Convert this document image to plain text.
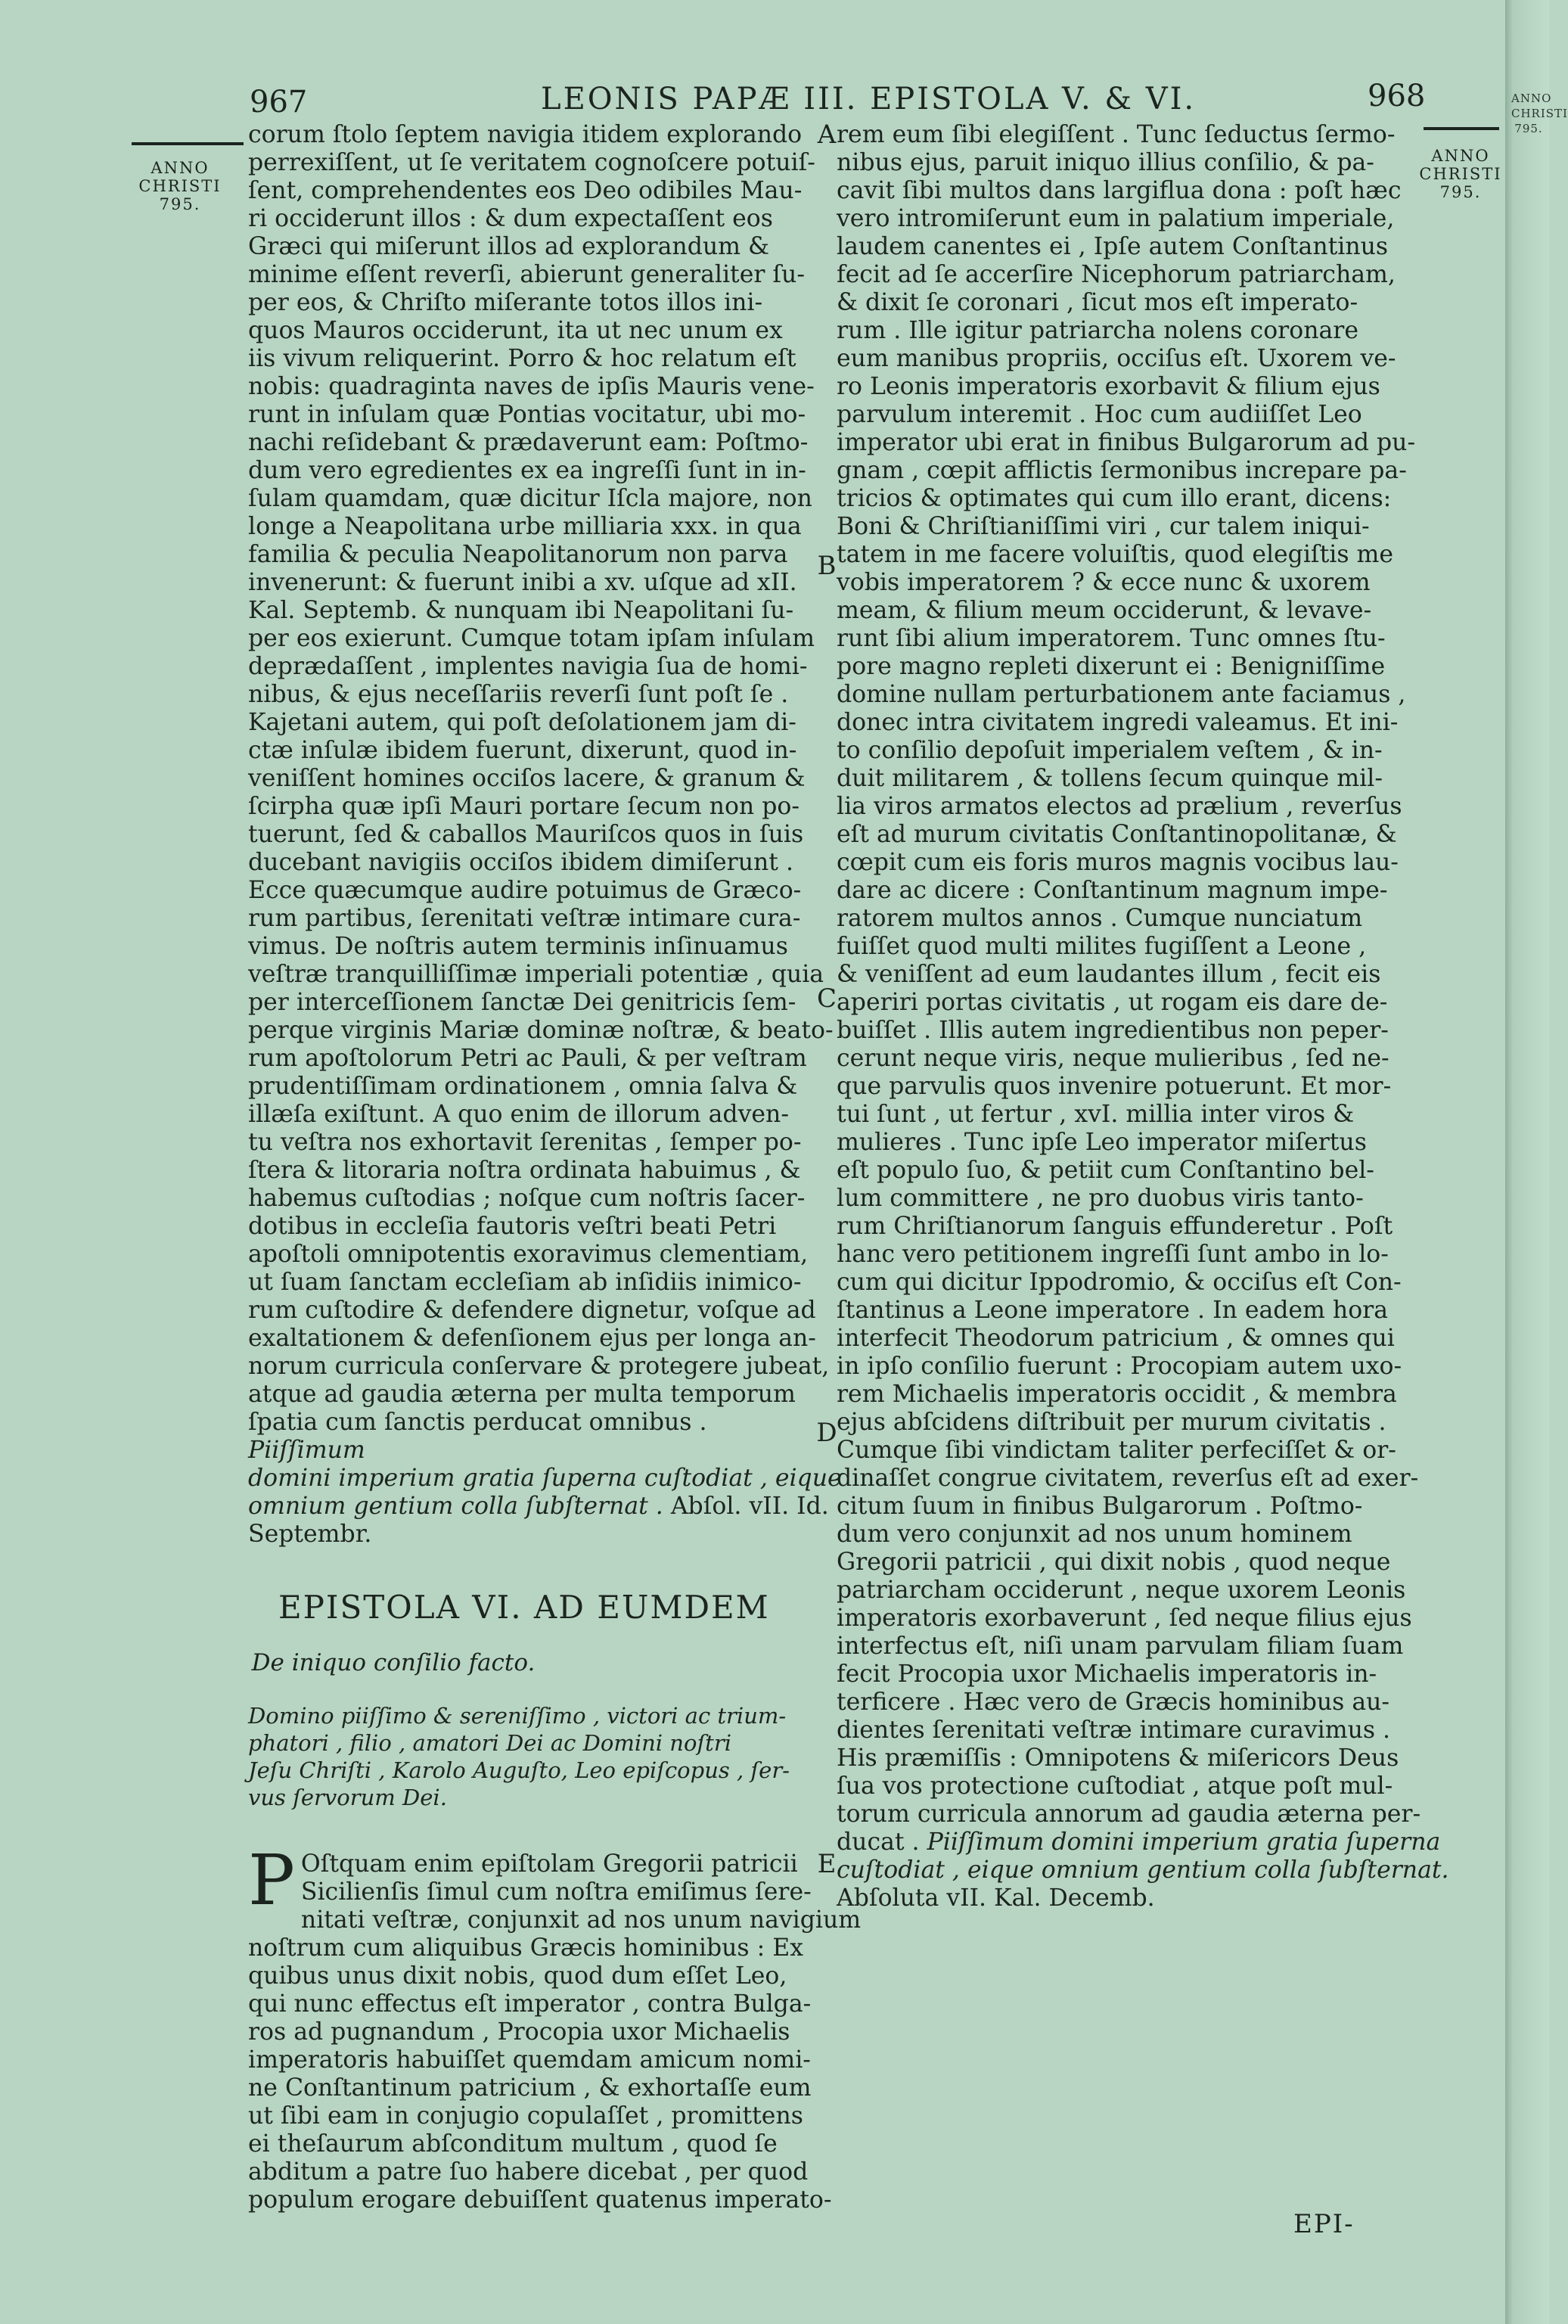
ANNO
CHRISTI
795.
967	LEONIS PAPÆ III. EPISTOLA V. & VI.	968
ANNO
CHRISTI
795.
ANNO
CHRISTI
795.
A
B
C
D
E
corum ſtolo ſeptem navigia itidem explorando
perrexiſſent, ut ſe veritatem cognoſcere potuiſ-
ſent, comprehendentes eos Deo odibiles Mau-
ri occiderunt illos : & dum expectaſſent eos
Græci qui miſerunt illos ad explorandum &
minime eſſent reverſi, abierunt generaliter ſu-
per eos, & Chriſto miſerante totos illos ini-
quos Mauros occiderunt, ita ut nec unum ex
iis vivum reliquerint. Porro & hoc relatum eſt
nobis: quadraginta naves de ipſis Mauris vene-
runt in inſulam quæ Pontias vocitatur, ubi mo-
nachi reſidebant & prædaverunt eam: Poſtmo-
dum vero egredientes ex ea ingreſſi ſunt in in-
ſulam quamdam, quæ dicitur Iſcla majore, non
longe a Neapolitana urbe milliaria xxx. in qua
familia & peculia Neapolitanorum non parva
invenerunt: & fuerunt inibi a xv. uſque ad xII.
Kal. Septemb. & nunquam ibi Neapolitani ſu-
per eos exierunt. Cumque totam ipſam inſulam
deprædaſſent , implentes navigia ſua de homi-
nibus, & ejus neceſſariis reverſi ſunt poſt ſe .
Kajetani autem, qui poſt deſolationem jam di-
ctæ inſulæ ibidem fuerunt, dixerunt, quod in-
veniſſent homines occiſos lacere, & granum &
ſcirpha quæ ipſi Mauri portare ſecum non po-
tuerunt, ſed & caballos Mauriſcos quos in ſuis
ducebant navigiis occiſos ibidem dimiſerunt .
Ecce quæcumque audire potuimus de Græco-
rum partibus, ſerenitati veſtræ intimare cura-
vimus. De noſtris autem terminis inſinuamus
veſtræ tranquilliſſimæ imperiali potentiæ , quia
per interceſſionem ſanctæ Dei genitricis ſem-
perque virginis Mariæ dominæ noſtræ, & beato-
rum apoſtolorum Petri ac Pauli, & per veſtram
prudentiſſimam ordinationem , omnia ſalva &
illæſa exiſtunt. A quo enim de illorum adven-
tu veſtra nos exhortavit ſerenitas , ſemper po-
ſtera & litoraria noſtra ordinata habuimus , &
habemus cuſtodias ; noſque cum noſtris ſacer-
dotibus in eccleſia fautoris veſtri beati Petri
apoſtoli omnipotentis exoravimus clementiam,
ut ſuam ſanctam eccleſiam ab inſidiis inimico-
rum cuſtodire & defendere dignetur, voſque ad
exaltationem & defenſionem ejus per longa an-
norum curricula conſervare & protegere jubeat,
atque ad gaudia æterna per multa temporum
ſpatia cum ſanctis perducat omnibus .
Piiſſimum
domini imperium gratia ſuperna cuſtodiat , eique
omnium gentium colla ſubſternat . Abſol. vII. Id.
Septembr.
EPISTOLA VI. AD EUMDEM
De iniquo conſilio facto.
Domino piiſſimo & sereniſſimo , victori ac trium-
phatori , filio , amatori Dei ac Domini noſtri
Jeſu Chriſti , Karolo Auguſto, Leo epiſcopus , ſer-
vus ſervorum Dei.
P Oſtquam enim epiſtolam Gregorii patricii
Sicilienſis ſimul cum noſtra emiſimus ſere-
nitati veſtræ, conjunxit ad nos unum navigium
noſtrum cum aliquibus Græcis hominibus : Ex
quibus unus dixit nobis, quod dum eſſet Leo,
qui nunc effectus eſt imperator , contra Bulga-
ros ad pugnandum , Procopia uxor Michaelis
imperatoris habuiſſet quemdam amicum nomi-
ne Conſtantinum patricium , & exhortaſſe eum
ut ſibi eam in conjugio copulaſſet , promittens
ei theſaurum abſconditum multum , quod ſe
abditum a patre ſuo habere dicebat , per quod
populum erogare debuiſſent quatenus imperato-
rem eum ſibi elegiſſent . Tunc ſeductus ſermo-
nibus ejus, paruit iniquo illius conſilio, & pa-
cavit ſibi multos dans largiflua dona : poſt hæc
vero intromiſerunt eum in palatium imperiale,
laudem canentes ei , Ipſe autem Conſtantinus
fecit ad ſe accerſire Nicephorum patriarcham,
& dixit ſe coronari , ſicut mos eſt imperato-
rum . Ille igitur patriarcha nolens coronare
eum manibus propriis, occiſus eſt. Uxorem ve-
ro Leonis imperatoris exorbavit & filium ejus
parvulum interemit . Hoc cum audiiſſet Leo
imperator ubi erat in finibus Bulgarorum ad pu-
gnam , cœpit afflictis ſermonibus increpare pa-
tricios & optimates qui cum illo erant, dicens:
Boni & Chriſtianiſſimi viri , cur talem iniqui-
tatem in me facere voluiſtis, quod elegiſtis me
vobis imperatorem ? & ecce nunc & uxorem
meam, & filium meum occiderunt, & levave-
runt ſibi alium imperatorem. Tunc omnes ſtu-
pore magno repleti dixerunt ei : Benigniſſime
domine nullam perturbationem ante faciamus ,
donec intra civitatem ingredi valeamus. Et ini-
to conſilio depoſuit imperialem veſtem , & in-
duit militarem , & tollens ſecum quinque mil-
lia viros armatos electos ad prælium , reverſus
eſt ad murum civitatis Conſtantinopolitanæ, &
cœpit cum eis foris muros magnis vocibus lau-
dare ac dicere : Conſtantinum magnum impe-
ratorem multos annos . Cumque nunciatum
fuiſſet quod multi milites fugiſſent a Leone ,
& veniſſent ad eum laudantes illum , fecit eis
aperiri portas civitatis , ut rogam eis dare de-
buiſſet . Illis autem ingredientibus non peper-
cerunt neque viris, neque mulieribus , ſed ne-
que parvulis quos invenire potuerunt. Et mor-
tui ſunt , ut fertur , xvI. millia inter viros &
mulieres . Tunc ipſe Leo imperator miſertus
eſt populo ſuo, & petiit cum Conſtantino bel-
lum committere , ne pro duobus viris tanto-
rum Chriſtianorum ſanguis effunderetur . Poſt
hanc vero petitionem ingreſſi ſunt ambo in lo-
cum qui dicitur Ippodromio, & occiſus eſt Con-
ſtantinus a Leone imperatore . In eadem hora
interfecit Theodorum patricium , & omnes qui
in ipſo conſilio fuerunt : Procopiam autem uxo-
rem Michaelis imperatoris occidit , & membra
ejus abſcidens diſtribuit per murum civitatis .
Cumque ſibi vindictam taliter perfeciſſet & or-
dinaſſet congrue civitatem, reverſus eſt ad exer-
citum ſuum in finibus Bulgarorum . Poſtmo-
dum vero conjunxit ad nos unum hominem
Gregorii patricii , qui dixit nobis , quod neque
patriarcham occiderunt , neque uxorem Leonis
imperatoris exorbaverunt , ſed neque filius ejus
interfectus eſt, niſi unam parvulam filiam ſuam
fecit Procopia uxor Michaelis imperatoris in-
terficere . Hæc vero de Græcis hominibus au-
dientes ſerenitati veſtræ intimare curavimus .
His præmiſſis : Omnipotens & miſericors Deus
ſua vos protectione cuſtodiat , atque poſt mul-
torum curricula annorum ad gaudia æterna per-
ducat . Piiſſimum domini imperium gratia ſuperna
cuſtodiat , eique omnium gentium colla ſubſternat.
Abſoluta vII. Kal. Decemb.
EPI-
